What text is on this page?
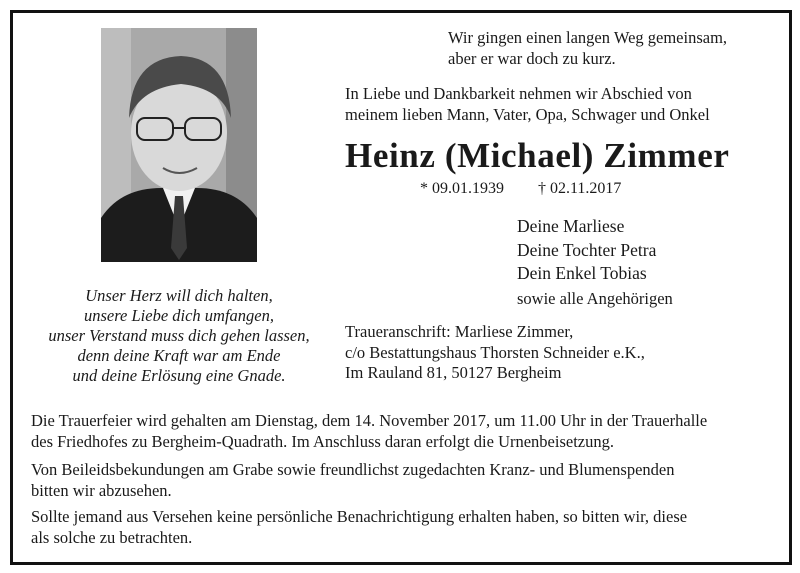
Unser Herz will dich halten,
unsere Liebe dich umfangen,
unser Verstand muss dich gehen lassen,
denn deine Kraft war am Ende
und deine Erlösung eine Gnade.
Wir gingen einen langen Weg gemeinsam,
aber er war doch zu kurz.
In Liebe und Dankbarkeit nehmen wir Abschied von
meinem lieben Mann, Vater, Opa, Schwager und Onkel
Heinz (Michael) Zimmer
* 09.01.1939 † 02.11.2017
Deine Marliese
Deine Tochter Petra
Dein Enkel Tobias
sowie alle Angehörigen
Traueranschrift: Marliese Zimmer,
c/o Bestattungshaus Thorsten Schneider e.K.,
Im Rauland 81, 50127 Bergheim
Die Trauerfeier wird gehalten am Dienstag, dem 14. November 2017, um 11.00 Uhr in der Trauerhalle
des Friedhofes zu Bergheim-Quadrath. Im Anschluss daran erfolgt die Urnenbeisetzung.
Von Beileidsbekundungen am Grabe sowie freundlichst zugedachten Kranz- und Blumenspenden
bitten wir abzusehen.
Sollte jemand aus Versehen keine persönliche Benachrichtigung erhalten haben, so bitten wir, diese
als solche zu betrachten.
